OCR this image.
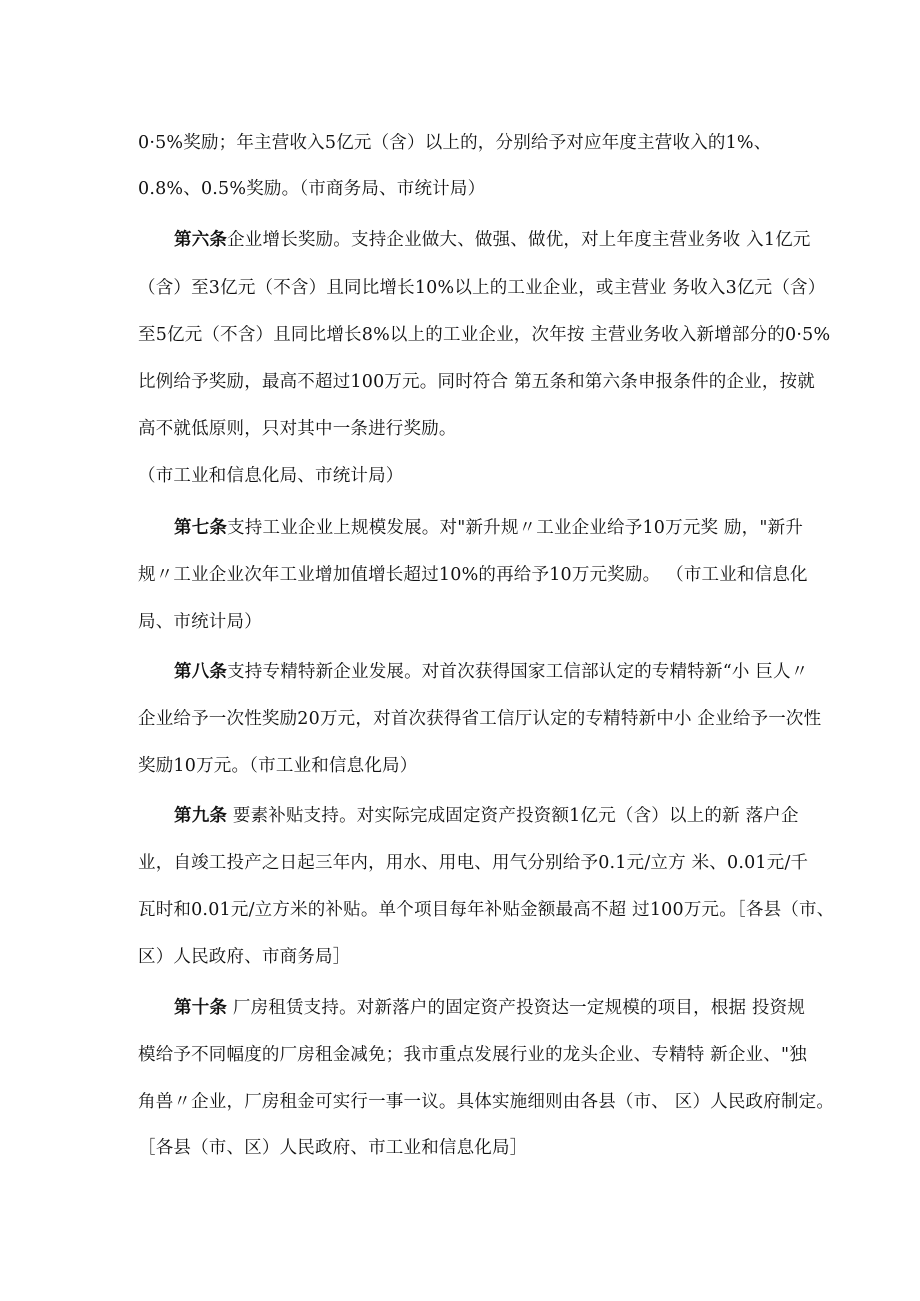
0·5%奖励；年主营收入5亿元（含）以上的，分别给予对应年度主营收入的1%、
0.8%、0.5%奖励。（市商务局、市统计局）
第六条企业增长奖励。支持企业做大、做强、做优，对上年度主营业务收 入1亿元
（含）至3亿元（不含）且同比增长10%以上的工业企业，或主营业 务收入3亿元（含）
至5亿元（不含）且同比增长8%以上的工业企业，次年按 主营业务收入新增部分的0·5%
比例给予奖励，最高不超过100万元。同时符合 第五条和第六条申报条件的企业，按就
高不就低原则，只对其中一条进行奖励。
（市工业和信息化局、市统计局）
第七条支持工业企业上规模发展。对"新升规〃工业企业给予10万元奖 励，"新升
规〃工业企业次年工业增加值增长超过10%的再给予10万元奖励。 （市工业和信息化
局、市统计局）
第八条支持专精特新企业发展。对首次获得国家工信部认定的专精特新“小 巨人〃
企业给予一次性奖励20万元，对首次获得省工信厅认定的专精特新中小 企业给予一次性
奖励10万元。（市工业和信息化局）
第九条 要素补贴支持。对实际完成固定资产投资额1亿元（含）以上的新 落户企
业，自竣工投产之日起三年内，用水、用电、用气分别给予0.1元/立方 米、0.01元/千
瓦时和0.01元/立方米的补贴。单个项目每年补贴金额最高不超 过100万元。［各县（市、
区）人民政府、市商务局］
第十条 厂房租赁支持。对新落户的固定资产投资达一定规模的项目，根据 投资规
模给予不同幅度的厂房租金减免；我市重点发展行业的龙头企业、专精特 新企业、"独
角兽〃企业，厂房租金可实行一事一议。具体实施细则由各县（市、 区）人民政府制定。
［各县（市、区）人民政府、市工业和信息化局］
